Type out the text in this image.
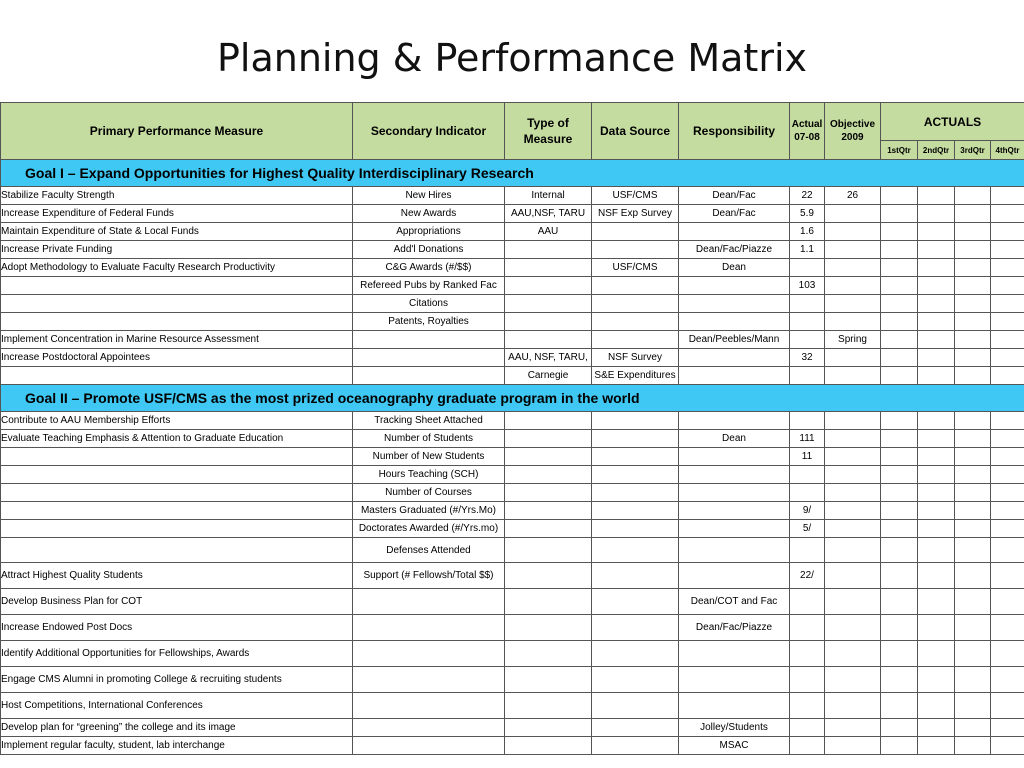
Planning & Performance Matrix
Primary Performance Measure	Secondary Indicator	Type of Measure	Data Source	Responsibility	Actual 07-08	Objective 2009	ACTUALS			
							1stQtr	2ndQtr	3rdQtr	4thQtr
Goal I – Expand Opportunities for Highest Quality Interdisciplinary Research										
Stabilize Faculty Strength	New Hires	Internal	USF/CMS	Dean/Fac	22	26				
Increase Expenditure of Federal Funds	New Awards	AAU,NSF, TARU	NSF Exp Survey	Dean/Fac	5.9					
Maintain Expenditure of State & Local Funds	Appropriations	AAU			1.6					
Increase Private Funding	Add'l Donations			Dean/Fac/Piazze	1.1					
Adopt Methodology to Evaluate Faculty Research Productivity	C&G Awards (#/$$)		USF/CMS	Dean						
	Refereed Pubs by Ranked Fac				103					
	Citations									
	Patents, Royalties									
Implement Concentration in Marine Resource Assessment				Dean/Peebles/Mann		Spring				
Increase Postdoctoral Appointees		AAU, NSF, TARU,	NSF Survey		32					
		Carnegie	S&E Expenditures							
Goal II – Promote USF/CMS as the most prized oceanography graduate program in the world										
Contribute to AAU Membership Efforts	Tracking Sheet Attached									
Evaluate Teaching Emphasis & Attention to Graduate Education	Number of Students			Dean	111					
	Number of New Students				11					
	Hours Teaching (SCH)									
	Number of Courses									
	Masters Graduated (#/Yrs.Mo)				9/					
	Doctorates Awarded (#/Yrs.mo)				5/					
	Defenses Attended									
Attract Highest Quality Students	Support (# Fellowsh/Total $$)				22/					
Develop Business Plan for COT				Dean/COT and Fac						
Increase Endowed Post Docs				Dean/Fac/Piazze						
Identify Additional Opportunities for Fellowships, Awards										
Engage CMS Alumni in promoting College & recruiting students										
Host Competitions, International Conferences										
Develop plan for “greening” the college and its image				Jolley/Students						
Implement regular faculty, student, lab interchange				MSAC						
